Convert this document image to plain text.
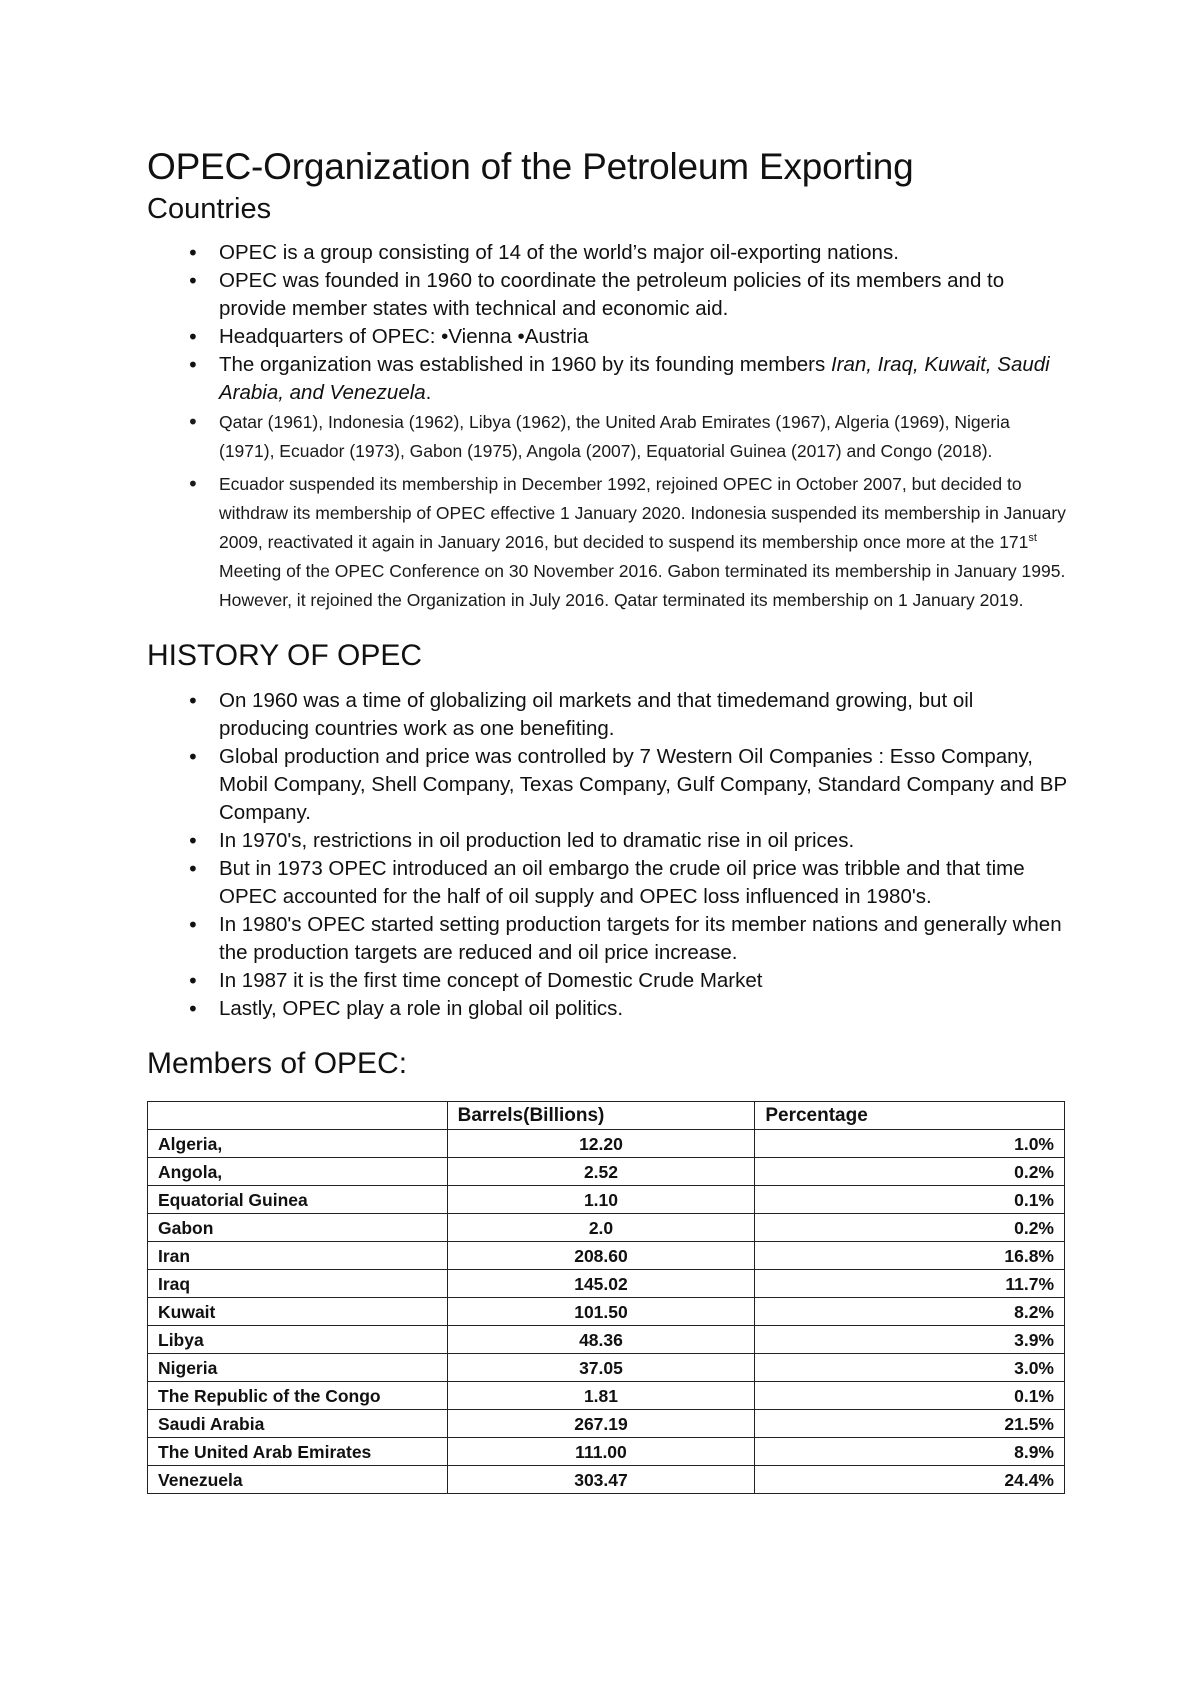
OPEC-Organization of the Petroleum Exporting
Countries
• OPEC is a group consisting of 14 of the world’s major oil-exporting nations.
• OPEC was founded in 1960 to coordinate the petroleum policies of its members and to provide member states with technical and economic aid.
• Headquarters of OPEC: •Vienna •Austria
• The organization was established in 1960 by its founding members Iran, Iraq, Kuwait, Saudi Arabia, and Venezuela.
• Qatar (1961), Indonesia (1962), Libya (1962), the United Arab Emirates (1967), Algeria (1969), Nigeria (1971), Ecuador (1973), Gabon (1975), Angola (2007), Equatorial Guinea (2017) and Congo (2018).
• Ecuador suspended its membership in December 1992, rejoined OPEC in October 2007, but decided to withdraw its membership of OPEC effective 1 January 2020. Indonesia suspended its membership in January 2009, reactivated it again in January 2016, but decided to suspend its membership once more at the 171st Meeting of the OPEC Conference on 30 November 2016. Gabon terminated its membership in January 1995. However, it rejoined the Organization in July 2016. Qatar terminated its membership on 1 January 2019.
HISTORY OF OPEC
• On 1960 was a time of globalizing oil markets and that timedemand growing, but oil producing countries work as one benefiting.
• Global production and price was controlled by 7 Western Oil Companies : Esso Company, Mobil Company, Shell Company, Texas Company, Gulf Company, Standard Company and BP Company.
• In 1970's, restrictions in oil production led to dramatic rise in oil prices.
• But in 1973 OPEC introduced an oil embargo the crude oil price was tribble and that time OPEC accounted for the half of oil supply and OPEC loss influenced in 1980's.
• In 1980's OPEC started setting production targets for its member nations and generally when the production targets are reduced and oil price increase.
• In 1987 it is the first time concept of Domestic Crude Market
• Lastly, OPEC play a role in global oil politics.
Members of OPEC:
	Barrels(Billions)	Percentage
Algeria,	12.20	1.0%
Angola,	2.52	0.2%
Equatorial Guinea	1.10	0.1%
Gabon	2.0	0.2%
Iran	208.60	16.8%
Iraq	145.02	11.7%
Kuwait	101.50	8.2%
Libya	48.36	3.9%
Nigeria	37.05	3.0%
The Republic of the Congo	1.81	0.1%
Saudi Arabia	267.19	21.5%
The United Arab Emirates	111.00	8.9%
Venezuela	303.47	24.4%
